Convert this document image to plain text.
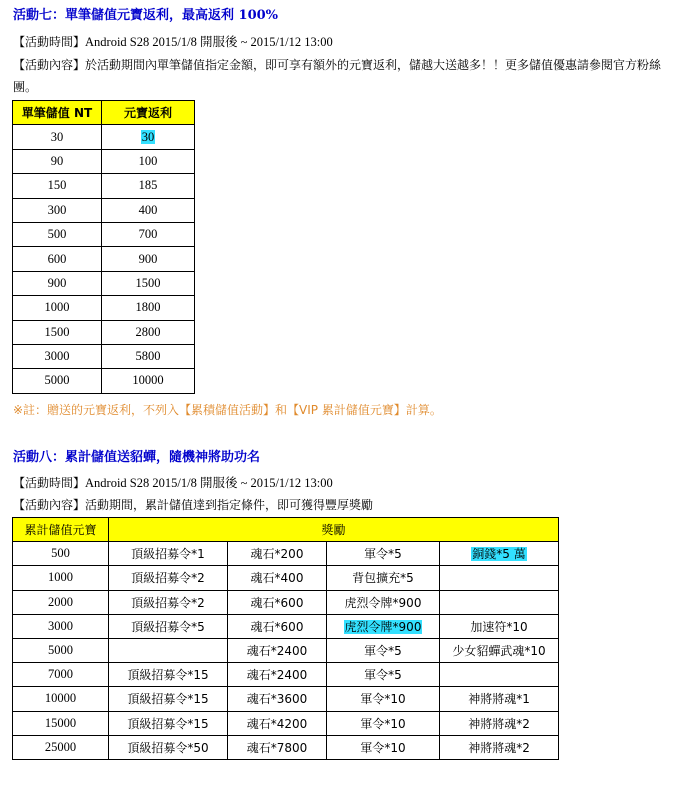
活動七：單筆儲值元寶返利，最高返利 100%
【活動時間】Android S28 2015/1/8 開服後 ~ 2015/1/12 13:00
【活動內容】於活動期間內單筆儲值指定金額，即可享有額外的元寶返利，儲越大送越多！！更多儲值優惠請參閱官方粉絲團。
單筆儲值 NT	元寶返利
30	30
90	100
150	185
300	400
500	700
600	900
900	1500
1000	1800
1500	2800
3000	5800
5000	10000
※註：贈送的元寶返利，不列入【累積儲值活動】和【VIP 累計儲值元寶】計算。
活動八：累計儲值送貂蟬，隨機神將助功名
【活動時間】Android S28 2015/1/8 開服後 ~ 2015/1/12 13:00
【活動內容】活動期間，累計儲值達到指定條件，即可獲得豐厚獎勵
累計儲值元寶	獎勵			
500	頂級招募令*1	魂石*200	軍令*5	銅錢*5 萬
1000	頂級招募令*2	魂石*400	背包擴充*5	
2000	頂級招募令*2	魂石*600	虎烈令牌*900	
3000	頂級招募令*5	魂石*600	虎烈令牌*900	加速符*10
5000		魂石*2400	軍令*5	少女貂蟬武魂*10
7000	頂級招募令*15	魂石*2400	軍令*5	
10000	頂級招募令*15	魂石*3600	軍令*10	神將將魂*1
15000	頂級招募令*15	魂石*4200	軍令*10	神將將魂*2
25000	頂級招募令*50	魂石*7800	軍令*10	神將將魂*2
